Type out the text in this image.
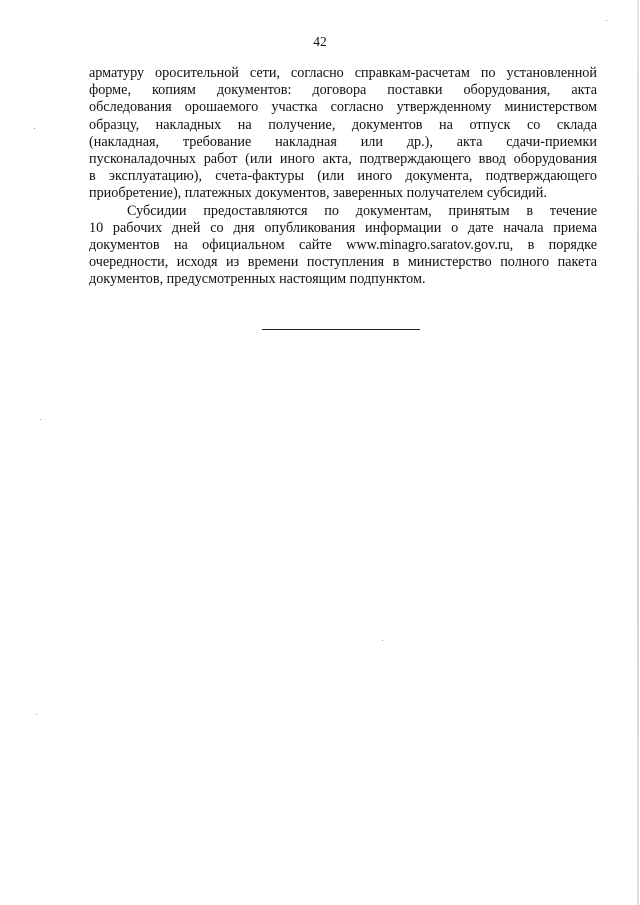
42
арматуру оросительной сети, согласно справкам-расчетам по установленной
форме, копиям документов: договора поставки оборудования, акта
обследования орошаемого участка согласно утвержденному министерством
образцу, накладных на получение, документов на отпуск со склада
(накладная, требование накладная или др.), акта сдачи-приемки
пусконаладочных работ (или иного акта, подтверждающего ввод оборудования
в эксплуатацию), счета-фактуры (или иного документа, подтверждающего
приобретение), платежных документов, заверенных получателем субсидий.
Субсидии предоставляются по документам, принятым в течение
10 рабочих дней со дня опубликования информации о дате начала приема
документов на официальном сайте www.minagro.saratov.gov.ru, в порядке
очередности, исходя из времени поступления в министерство полного пакета
документов, предусмотренных настоящим подпунктом.
